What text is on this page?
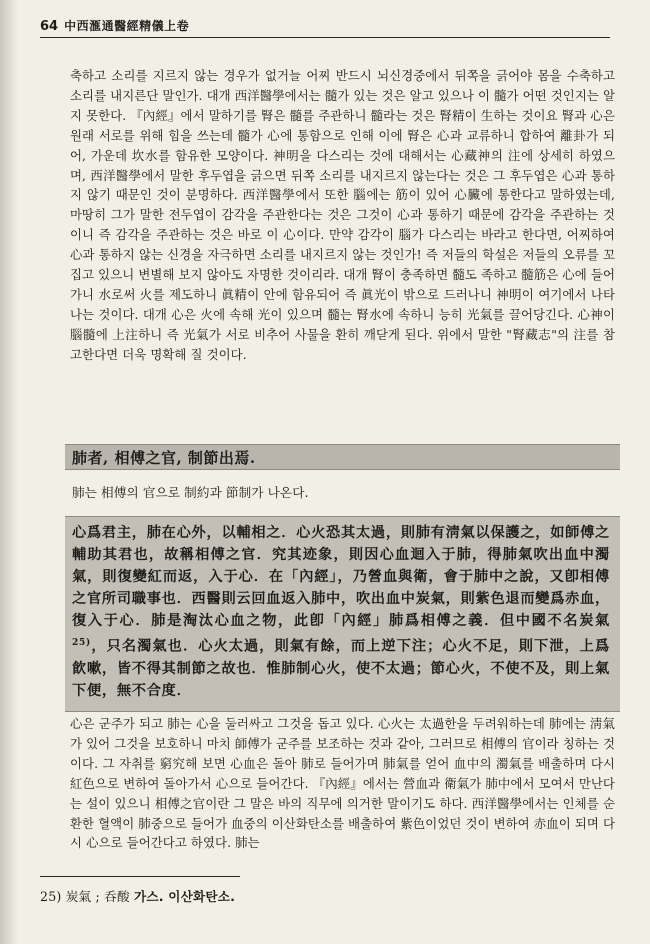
64 中西滙通醫經精儀上卷

축하고 소리를 지르지 않는 경우가 없거늘 어찌 반드시 뇌신경중에서 뒤쪽을 긁어야 몸을 수축하고 소리를 내지른단 말인가. 대개 西洋醫學에서는 髓가 있는 것은 알고 있으나 이 髓가 어떤 것인지는 알지 못한다. 『內經』에서 말하기를 腎은 髓를 주관하니 髓라는 것은 腎精이 生하는 것이요 腎과 心은 원래 서로를 위해 힘을 쓰는데 髓가 心에 통함으로 인해 이에 腎은 心과 교류하니 합하여 離卦가 되어, 가운데 坎水를 함유한 모양이다. 神明을 다스리는 것에 대해서는 心藏神의 注에 상세히 하였으며, 西洋醫學에서 말한 후두엽을 긁으면 뒤쪽 소리를 내지르지 않는다는 것은 그 후두엽은 心과 통하지 않기 때문인 것이 분명하다. 西洋醫學에서 또한 腦에는 筋이 있어 心臟에 통한다고 말하였는데, 마땅히 그가 말한 전두엽이 감각을 주관한다는 것은 그것이 心과 통하기 때문에 감각을 주관하는 것이니 즉 감각을 주관하는 것은 바로 이 心이다. 만약 감각이 腦가 다스리는 바라고 한다면, 어찌하여 心과 통하지 않는 신경을 자극하면 소리를 내지르지 않는 것인가! 즉 저들의 학설은 저들의 오류를 꼬집고 있으니 변별해 보지 않아도 자명한 것이리라. 대개 腎이 충족하면 髓도 족하고 髓筋은 心에 들어가니 水로써 火를 제도하니 眞精이 안에 함유되어 즉 眞光이 밖으로 드러나니 神明이 여기에서 나타나는 것이다. 대개 心은 火에 속해 光이 있으며 髓는 腎水에 속하니 능히 光氣를 끌어당긴다. 心神이 腦髓에 上注하니 즉 光氣가 서로 비추어 사물을 환히 깨닫게 된다. 위에서 말한 "腎藏志"의 注를 참고한다면 더욱 명확해 질 것이다.

肺者, 相傅之官, 制節出焉.
肺는 相傅의 官으로 制約과 節制가 나온다.

心爲君主，肺在心外，以輔相之．心火恐其太過，則肺有淸氣以保護之，如師傅之輔助其君也，故稱相傅之官．究其迹象，則因心血迴入于肺，得肺氣吹出血中濁氣，則復變紅而返，入于心．在「內經」，乃營血與衛，會于肺中之說，又卽相傅之官所司職事也．西醫則云回血返入肺中，吹出血中炭氣，則紫色退而變爲赤血，復入于心．肺是淘汰心血之物，此卽「內經」肺爲相傅之義．但中國不名炭氣$^{25)}$，只名濁氣也．心火太過，則氣有餘，而上逆下注；心火不足，則下泄，上爲飮嗽，皆不得其制節之故也．惟肺制心火，使不太過；節心火，不使不及，則上氣下便，無不合度．

心은 군주가 되고 肺는 心을 둘러싸고 그것을 돕고 있다. 心火는 太過한을 두려워하는데 肺에는 淸氣가 있어 그것을 보호하니 마치 師傅가 군주를 보조하는 것과 같아, 그러므로 相傅의 官이라 칭하는 것이다. 그 자취를 窮究해 보면 心血은 돌아 肺로 들어가며 肺氣를 얻어 血中의 濁氣를 배출하며 다시 紅色으로 변하여 돌아가서 心으로 들어간다. 『內經』에서는 營血과 衛氣가 肺中에서 모여서 만난다는 설이 있으니 相傅之官이란 그 말은 바의 직무에 의거한 말이기도 하다. 西洋醫學에서는 인체를 순환한 혈액이 肺중으로 들어가 血중의 이산화탄소를 배출하여 紫色이었던 것이 변하여 赤血이 되며 다시 心으로 들어간다고 하였다. 肺는

25) 炭氣 ; 呑酸 가스. 이산화탄소.
